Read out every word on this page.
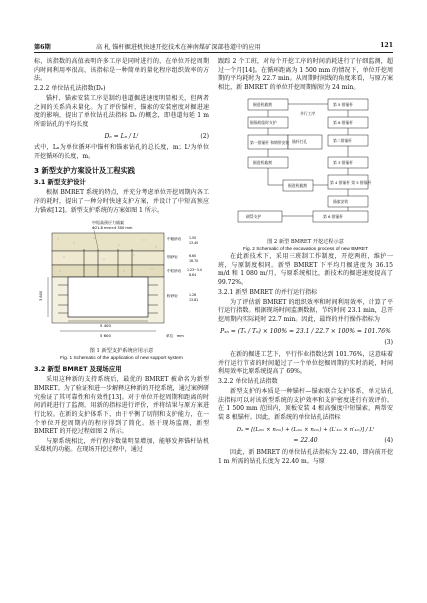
第6期	高 札 锚杆掘进机快速开挖技术在神南煤矿深部巷道中的应用	121

标，该指数的高值表明许多工序是同时进行的，在单位开挖周期内时间利用率很高，该指标是一种简单的量化程序组织效率的方法。

2.2.2 单位钻孔法指数(Dₑ)

锚杆、锚索安装工序是制约巷道掘进速度明显相关，但两者之间的关系尚未量化。为了评价锚杆、锚索的安装密度对掘进速度的影响，提出了单位钻孔法指标 Dₑ 的概念，即巷道每延 1 m 所需钻孔的平均长度

Dₑ = Lₙ / Lᴵ	(2)

式中，Lₙ为单位循环中锚杆和锚索钻孔的总长度，m；Lᴵ为单位开挖循环的长度，m。

3 新型支护方案设计及工程实践
3.1 新型支护设计

根据 BMRET 系统的特点，并充分考虑单位开挖周期内各工序的耗时，提出了一种分时快速支护方案，并设计了中短高预应力锚索[12]。新型支护系统的方案如图 1 所示。

中短高预应力锚索
Φ21.8 mm×4 300 mm
中粗砂岩 1.50
13.40
细砂岩	6.60
18.70
中粒砂岩 1.23~3.4
8.64
粉砂岩	1.28
13.81
5 400
5 600
3 800
单位：mm
图 1 新型支护系统应用示意
Fig. 1 Schematic of the application of new support system
3.2 新型 BMRET 及现场应用

采用这种新的支持系统后，最优的 BMRET 被命名为新型 BMRET。为了验证和进一步解释这种新的开挖系统，通过案例研究验证了其可靠性和有效性[13]。对于单位开挖周期和距离的时间消耗进行了监测，用新的指标进行评价，并将结果与原方案进行比较。在新的支护体系下，由于平衡了切削和支护能力，在一个单位开挖周期内的程序得到了简化。基于现场监测，新型 BMRET 的开挖过程如图 2 所示。

与原系统相比，并行程序数量明显增加，能够发挥锚杆钻机采煤机的功能。在现场开挖过程中，通过

跟踪 2 个工班，对每个开挖工序的时间消耗进行了仔细监测，超过一个月[14]。在循环距离为 1 500 mm 的情况下，单位开挖周期的平均耗时为 22.7 min。从周期时间线的角度来看，与原方案相比，新 BMRET 的单位开挖周期缩短为 24 min。

掘进机截割
掘锚机临时支护
第一排锚杆 和钢带安装
第 5 排锚杆
第 6 排锚杆
第二排锚杆
锚杆打孔
掘进机截割	第 3 排锚杆
第 4 排锚杆 第 5 排锚杆
掘进机截割
锚索安装
刷帮支护	第 6 排锚杆
并行工序
图 2 新型 BMRET 开挖过程示意
Fig. 2 Schematic of the excavation process of new BMRET

在此新技术下，采用三班制工作制度，开挖两班，维护一班，与原制度相同。新型 BMRET 下平均月掘进度为 36.15 m/d 和 1 080 m/月，与原系统相比，新技术的掘进速度提高了 99.72%。

3.2.1 新型 BMRET 的并行运行指标

为了评估新 BMRET 的组织效率和时间利用效率，计算了平行运行指数。根据现场时间监测数据，节约时间 23.1 min，总开挖周期内实际耗时 22.7 min。因此，最终的并行操作指标为

Pₓₙ = (Tₛ / Tₙ) × 100% = 23.1 / 22.7 × 100% = 101.76%
(3)

在新的掘进工艺下，平行作业指数达到 101.76%，这意味着并行运行节省的时间超过了一个单位挖掘周期的实时消耗，时间利用效率比原系统提高了 69%。

3.2.2 单位钻孔法指数

新型支护的本质是一种锚杆—锚索联合支护体系，单元钻孔法指标可以对该新型系统的支护效率和支护密度进行有效评价。在 1 500 mm 范围内，顶板安装 4 根高强度中短锚索，两帮安装 8 根锚杆。因此，新系统的单位钻孔法指标

Dₑ = [(L₂ₘ × n₂ₘ) + (L₁ₘ × n₁ₘ) + (L′₁ₘ × n′₁ₘ)] / Lᴵ
= 22.40	(4)

因此，新 BMRET 的单位钻孔法指标为 22.40，即向前开挖 1 m 所需的钻孔长度为 22.40 m。与原
